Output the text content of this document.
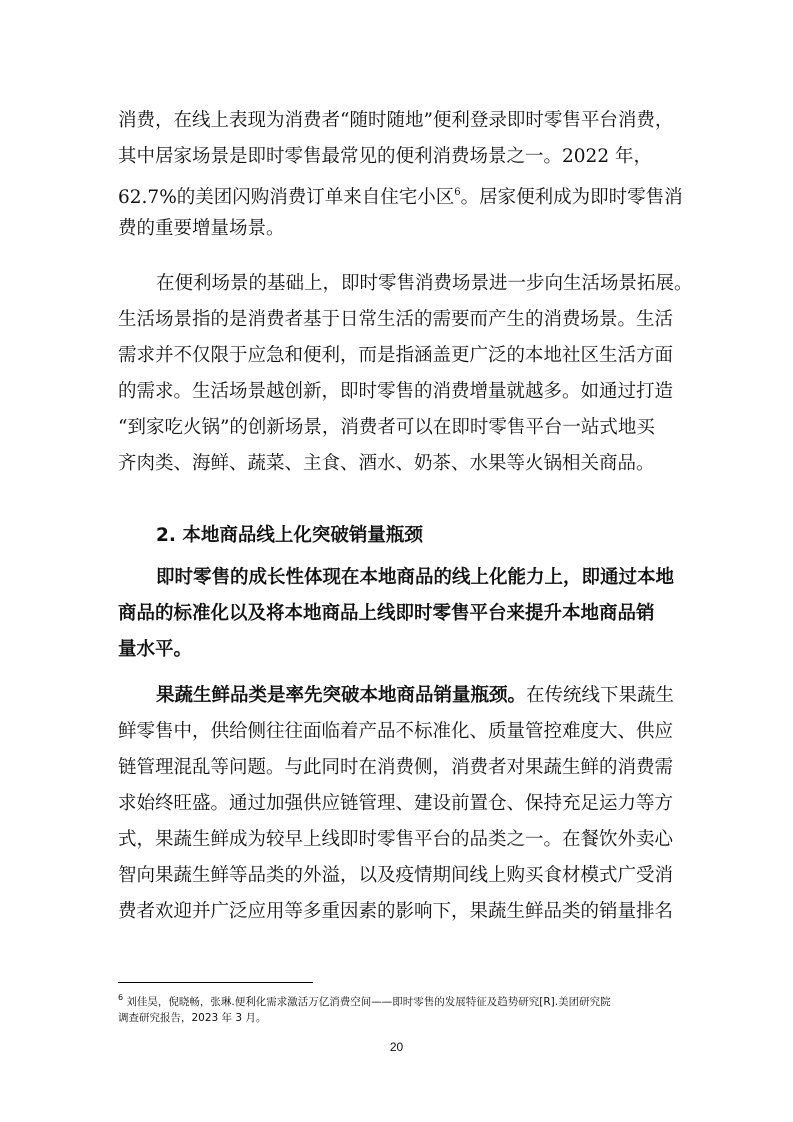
消费，在线上表现为消费者“随时随地”便利登录即时零售平台消费，
其中居家场景是即时零售最常见的便利消费场景之一。2022 年，
62.7%的美团闪购消费订单来自住宅小区$^6$。居家便利成为即时零售消
费的重要增量场景。
在便利场景的基础上，即时零售消费场景进一步向生活场景拓展。
生活场景指的是消费者基于日常生活的需要而产生的消费场景。生活
需求并不仅限于应急和便利，而是指涵盖更广泛的本地社区生活方面
的需求。生活场景越创新，即时零售的消费增量就越多。如通过打造
“到家吃火锅”的创新场景，消费者可以在即时零售平台一站式地买
齐肉类、海鲜、蔬菜、主食、酒水、奶茶、水果等火锅相关商品。
2. 本地商品线上化突破销量瓶颈
即时零售的成长性体现在本地商品的线上化能力上，即通过本地
商品的标准化以及将本地商品上线即时零售平台来提升本地商品销
量水平。
果蔬生鲜品类是率先突破本地商品销量瓶颈。在传统线下果蔬生
鲜零售中，供给侧往往面临着产品不标准化、质量管控难度大、供应
链管理混乱等问题。与此同时在消费侧，消费者对果蔬生鲜的消费需
求始终旺盛。通过加强供应链管理、建设前置仓、保持充足运力等方
式，果蔬生鲜成为较早上线即时零售平台的品类之一。在餐饮外卖心
智向果蔬生鲜等品类的外溢，以及疫情期间线上购买食材模式广受消
费者欢迎并广泛应用等多重因素的影响下，果蔬生鲜品类的销量排名
$^6$ 刘佳昊，倪晓畅，张琳.便利化需求激活万亿消费空间——即时零售的发展特征及趋势研究[R].美团研究院
调查研究报告，2023 年 3 月。
20
